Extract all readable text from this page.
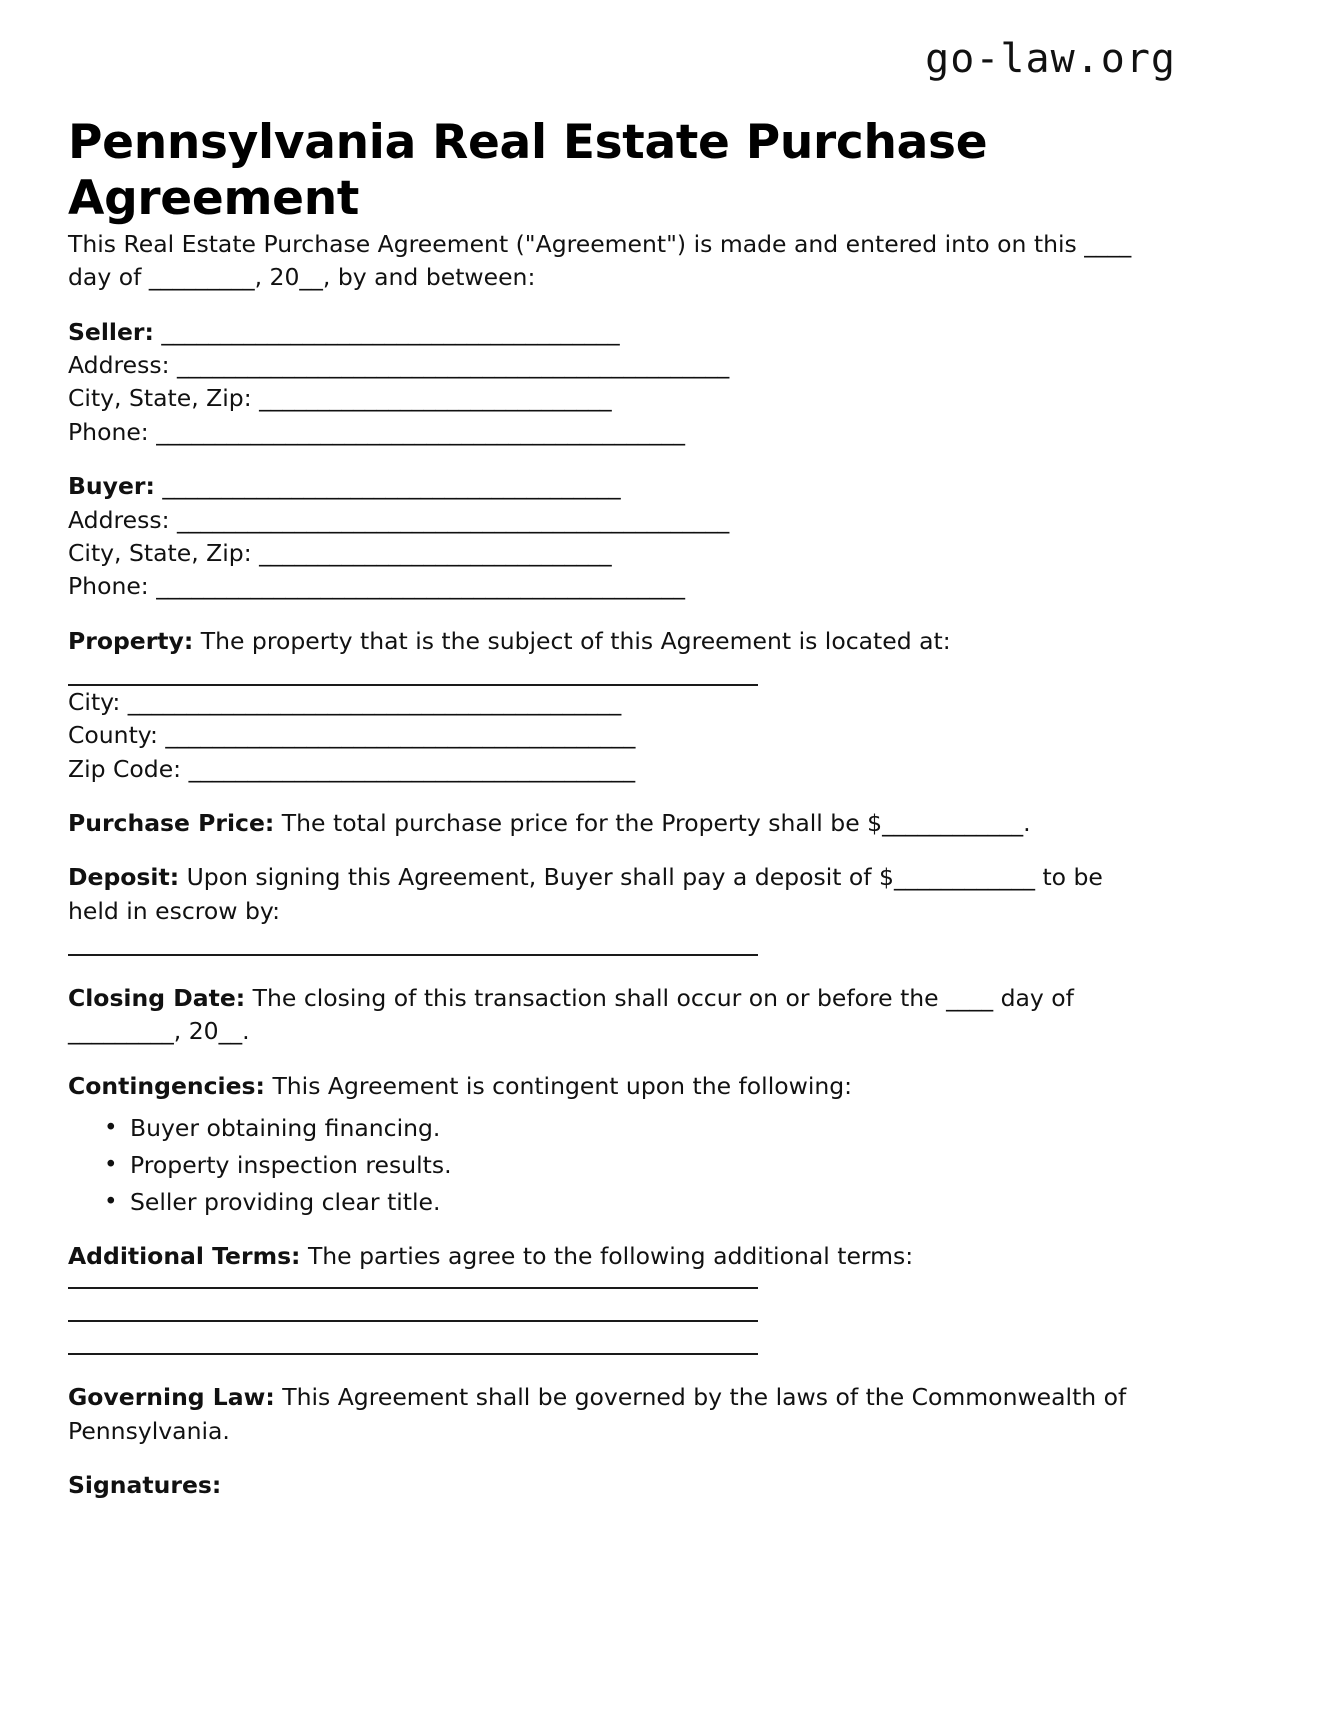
go-law.org
Pennsylvania Real Estate Purchase Agreement

This Real Estate Purchase Agreement ("Agreement") is made and entered into on this ____ day of _________, 20__, by and between:

Seller: _______________________________________

Address: _______________________________________________

City, State, Zip: ______________________________

Phone: _____________________________________________

Buyer: _______________________________________

Address: _______________________________________________

City, State, Zip: ______________________________

Phone: _____________________________________________

Property: The property that is the subject of this Agreement is located at:

City: __________________________________________

County: ________________________________________

Zip Code: ______________________________________

Purchase Price: The total purchase price for the Property shall be $____________.

Deposit: Upon signing this Agreement, Buyer shall pay a deposit of $____________ to be held in escrow by:

Closing Date: The closing of this transaction shall occur on or before the ____ day of _________, 20__.

Contingencies: This Agreement is contingent upon the following:

• Buyer obtaining financing.
• Property inspection results.
• Seller providing clear title.

Additional Terms: The parties agree to the following additional terms:

Governing Law: This Agreement shall be governed by the laws of the Commonwealth of Pennsylvania.

Signatures:
